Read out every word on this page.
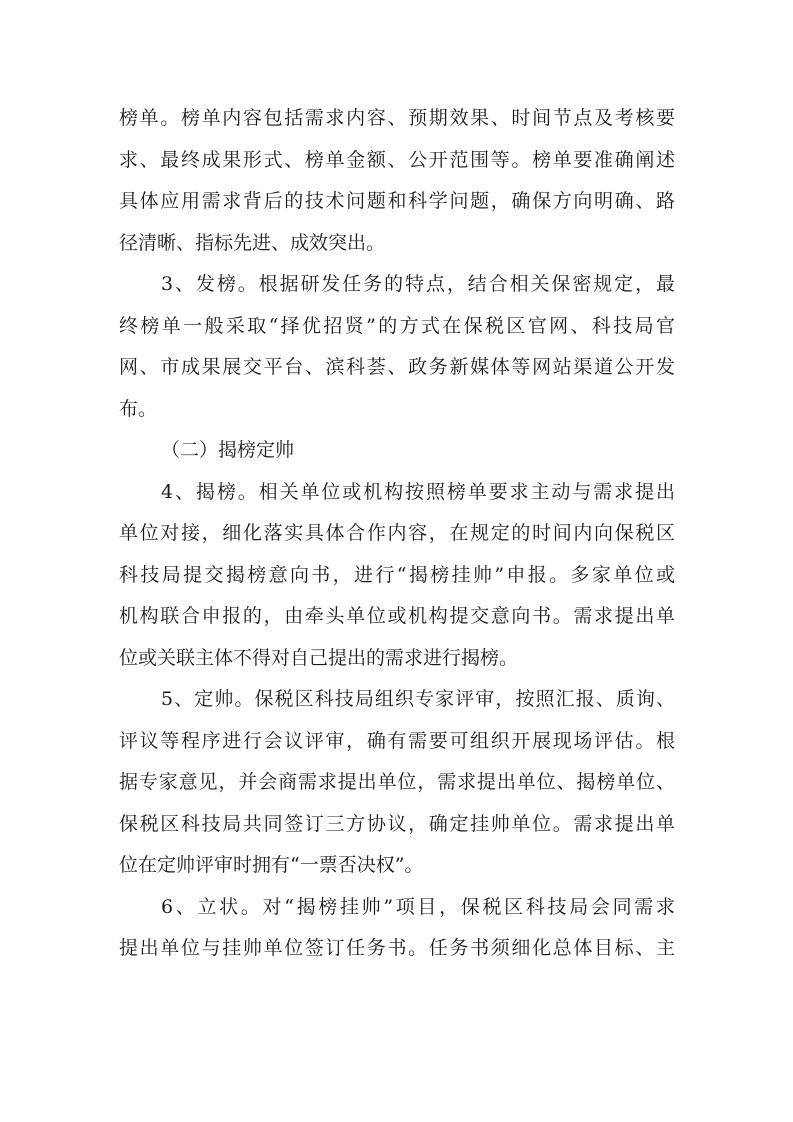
榜单。榜单内容包括需求内容、预期效果、时间节点及考核要
求、最终成果形式、榜单金额、公开范围等。榜单要准确阐述
具体应用需求背后的技术问题和科学问题，确保方向明确、路
径清晰、指标先进、成效突出。
3、发榜。根据研发任务的特点，结合相关保密规定，最
终榜单一般采取“择优招贤”的方式在保税区官网、科技局官
网、市成果展交平台、滨科荟、政务新媒体等网站渠道公开发
布。
（二）揭榜定帅
4、揭榜。相关单位或机构按照榜单要求主动与需求提出
单位对接，细化落实具体合作内容，在规定的时间内向保税区
科技局提交揭榜意向书，进行“揭榜挂帅”申报。多家单位或
机构联合申报的，由牵头单位或机构提交意向书。需求提出单
位或关联主体不得对自己提出的需求进行揭榜。
5、定帅。保税区科技局组织专家评审，按照汇报、质询、
评议等程序进行会议评审，确有需要可组织开展现场评估。根
据专家意见，并会商需求提出单位，需求提出单位、揭榜单位、
保税区科技局共同签订三方协议，确定挂帅单位。需求提出单
位在定帅评审时拥有“一票否决权”。
6、立状。对“揭榜挂帅”项目，保税区科技局会同需求
提出单位与挂帅单位签订任务书。任务书须细化总体目标、主
